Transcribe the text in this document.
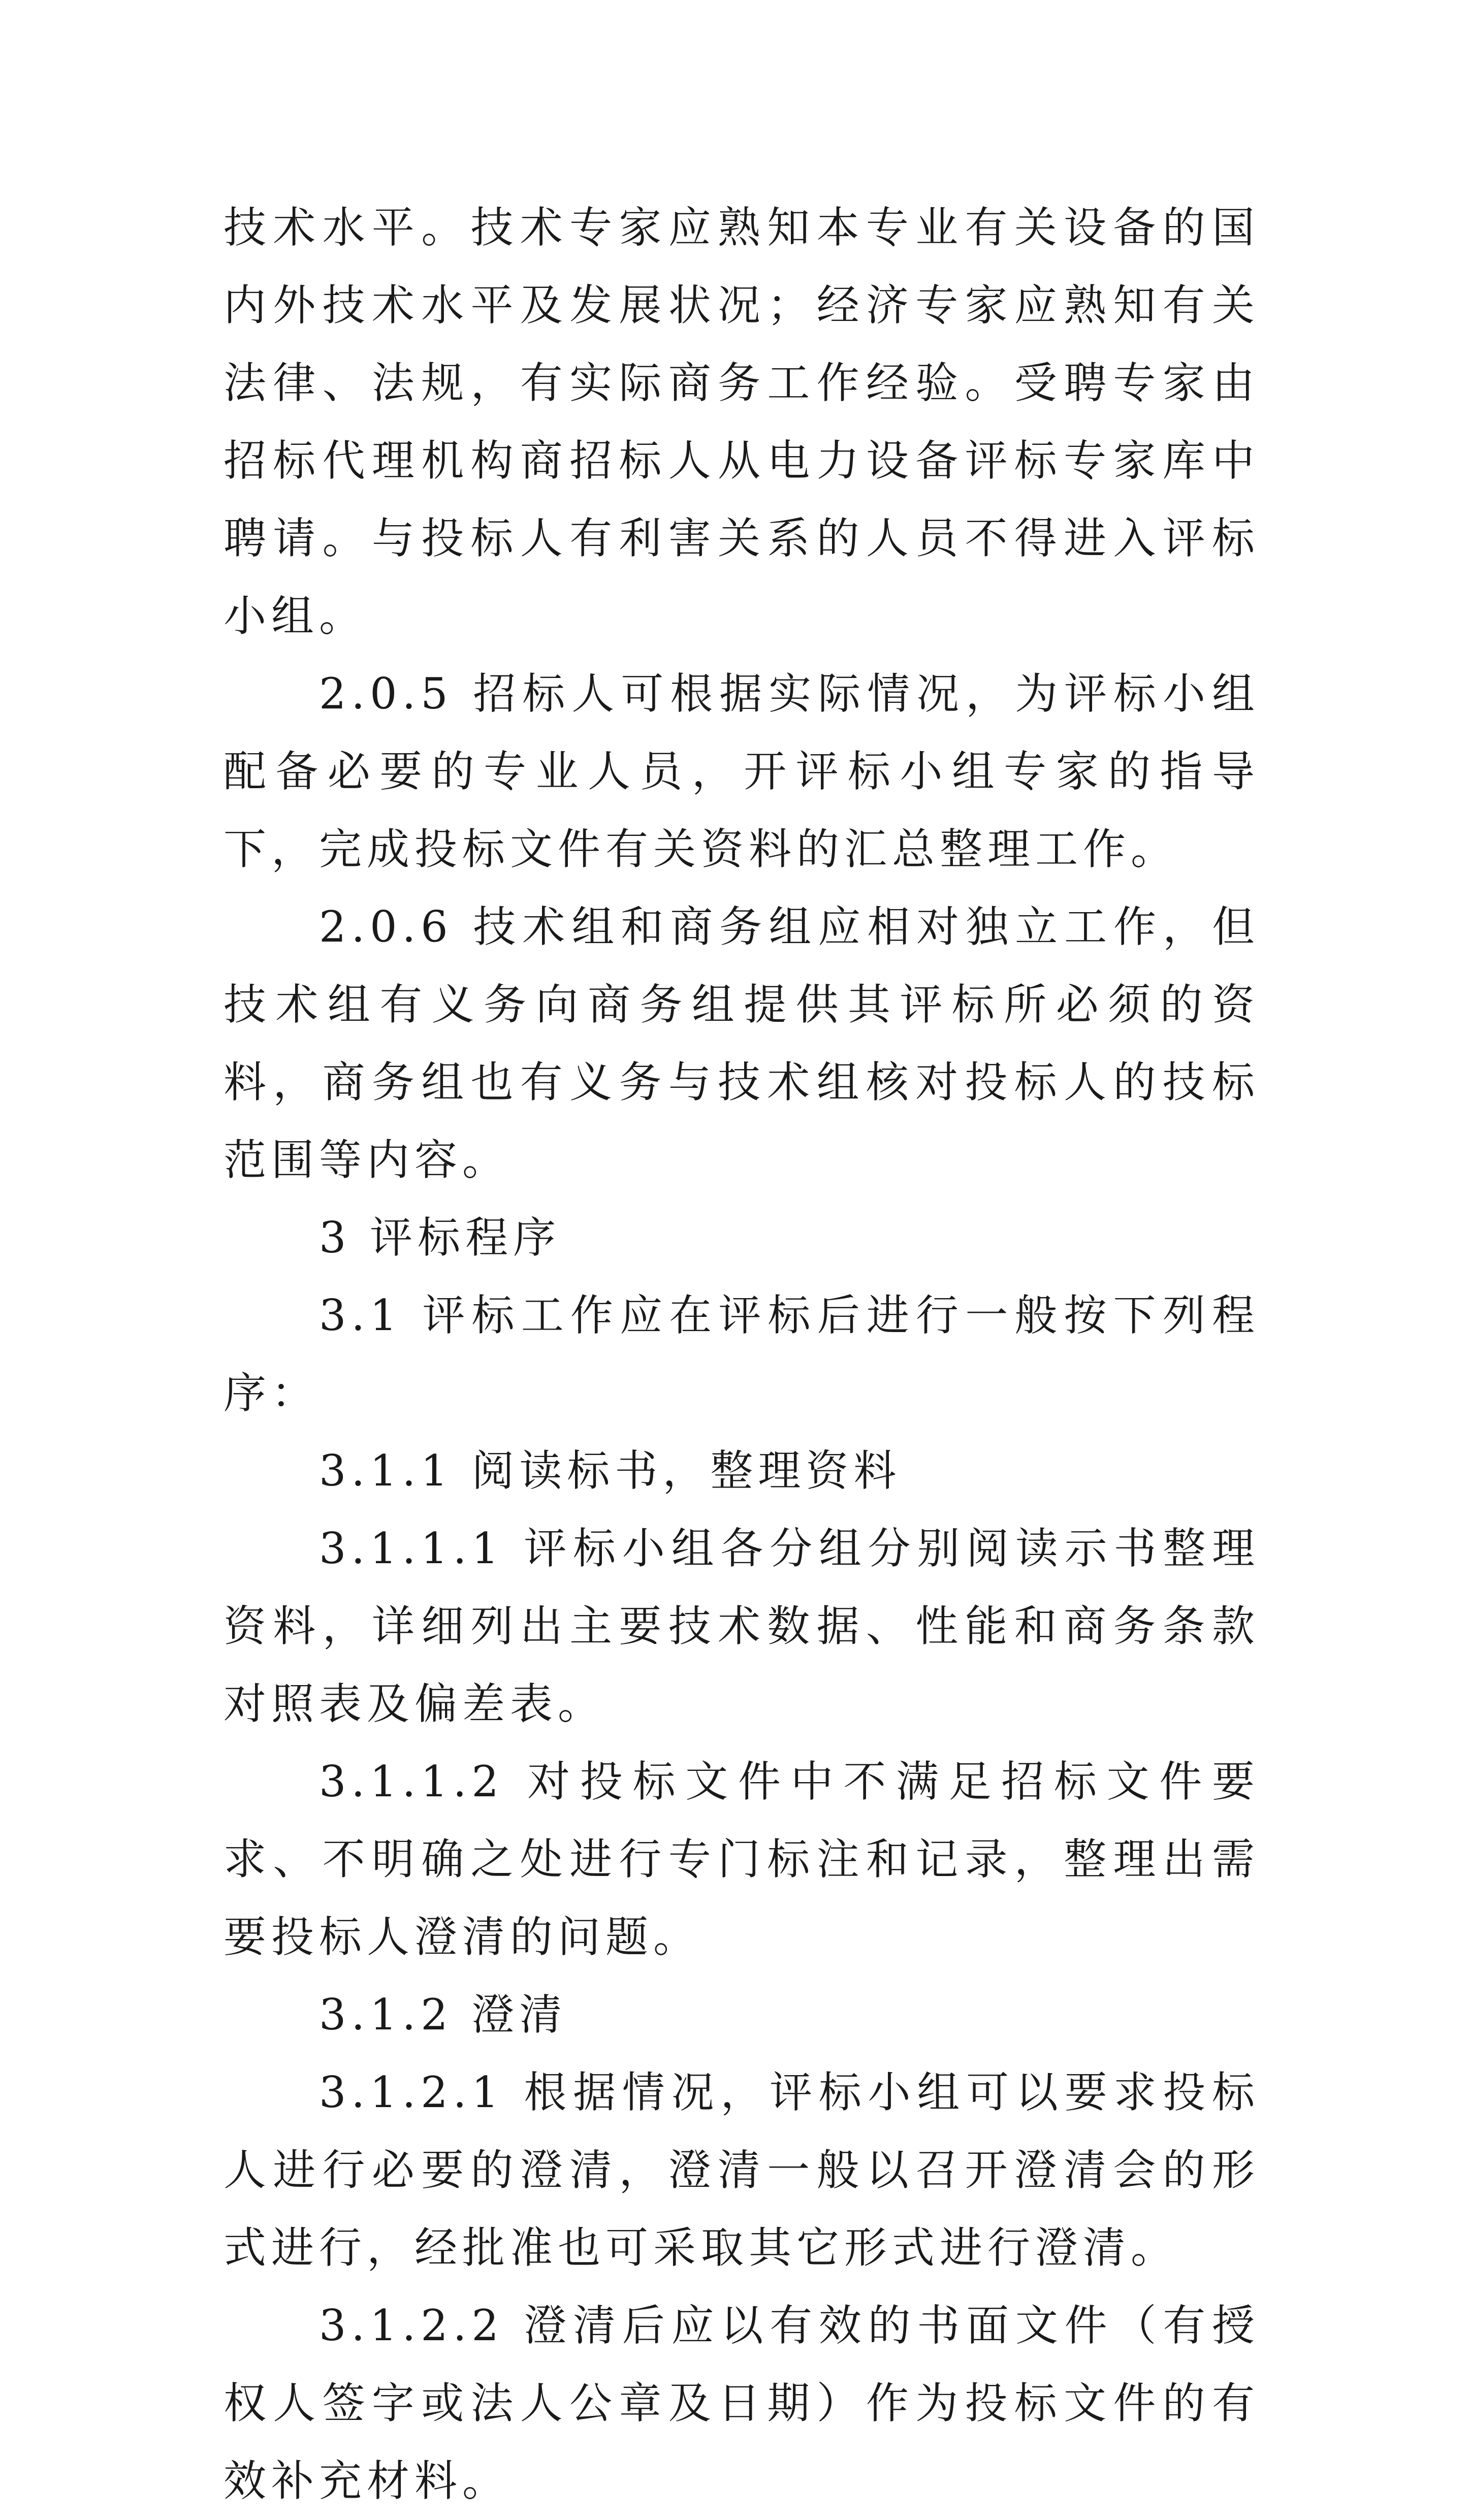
技术水平。技术专家应熟知本专业有关设备的国内外技术水平及发展状况；经济专家应熟知有关法律、法规，有实际商务工作经验。受聘专家由招标代理机构商招标人从电力设备评标专家库中聘请。与投标人有利害关系的人员不得进入评标小组。

2.0.5 招标人可根据实际情况，为评标小组配备必要的专业人员，开评标小组专家的指导下，完成投标文件有关资料的汇总整理工作。

2.0.6 技术组和商务组应相对独立工作，但技术组有义务向商务组提供其评标所必须的资料，商务组也有义务与技术组核对投标人的技标范围等内容。

3 评标程序

3.1 评标工作应在评标后进行一般按下列程序：

3.1.1 阅读标书，整理资料

3.1.1.1 评标小组各分组分别阅读示书整理资料，详细列出主要技术数据、性能和商务条款对照表及偏差表。

3.1.1.2 对投标文件中不满足招标文件要求、不明确之处进行专门标注和记录，整理出需要投标人澄清的问题。

3.1.2 澄清

3.1.2.1 根据情况，评标小组可以要求投标人进行必要的澄清，澄清一般以召开澄清会的形式进行，经批准也可采取其它形式进行澄清。

3.1.2.2 澄清后应以有效的书面文件（有授权人签字或法人公章及日期）作为投标文件的有效补充材料。
